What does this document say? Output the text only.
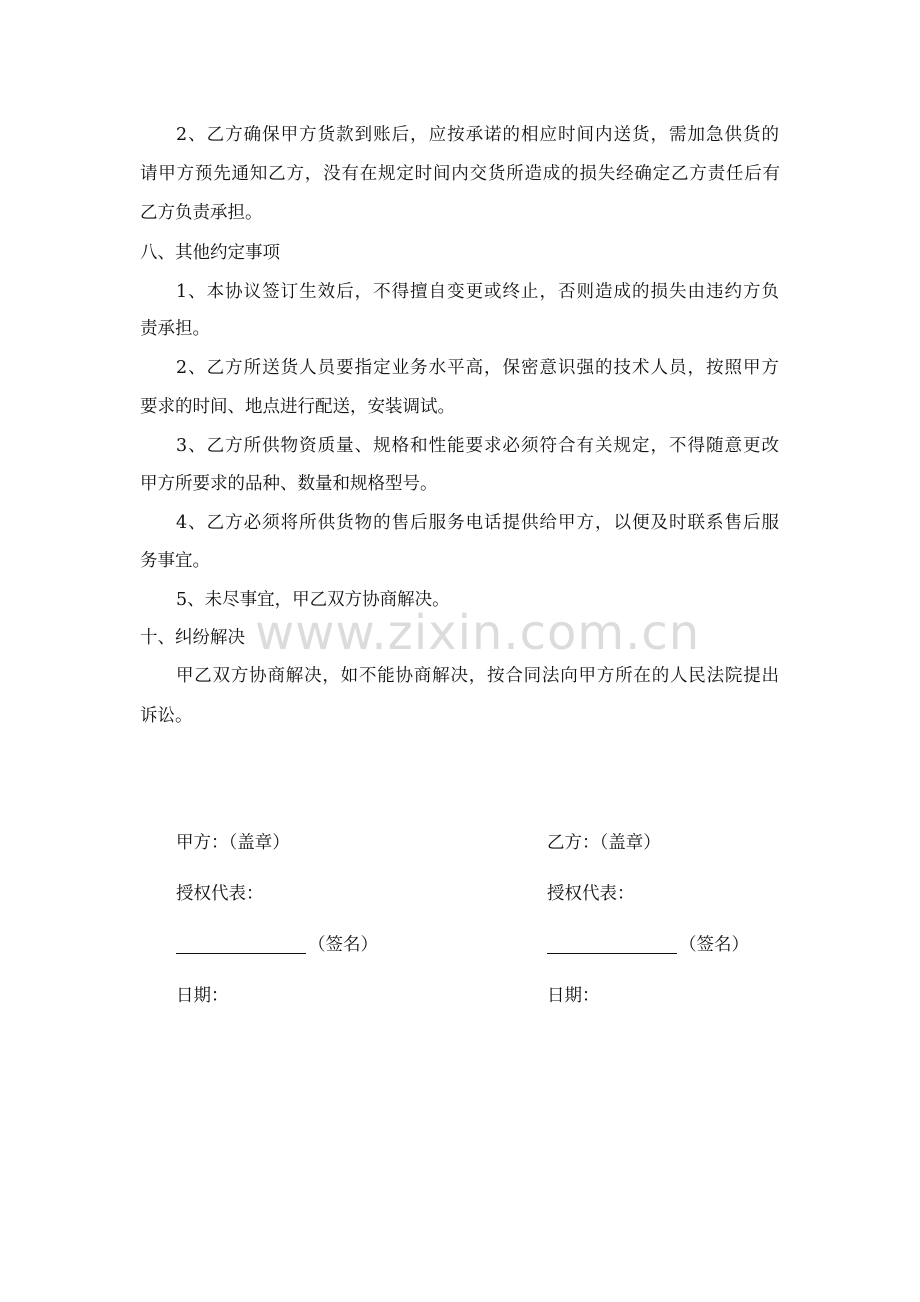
2、乙方确保甲方货款到账后，应按承诺的相应时间内送货，需加急供货的
请甲方预先通知乙方，没有在规定时间内交货所造成的损失经确定乙方责任后有
乙方负责承担。
八、其他约定事项
1、本协议签订生效后，不得擅自变更或终止，否则造成的损失由违约方负
责承担。
2、乙方所送货人员要指定业务水平高，保密意识强的技术人员，按照甲方
要求的时间、地点进行配送，安装调试。
3、乙方所供物资质量、规格和性能要求必须符合有关规定，不得随意更改
甲方所要求的品种、数量和规格型号。
4、乙方必须将所供货物的售后服务电话提供给甲方，以便及时联系售后服
务事宜。
5、未尽事宜，甲乙双方协商解决。
www.zixin.com.cn
十、纠纷解决
甲乙双方协商解决，如不能协商解决，按合同法向甲方所在的人民法院提出
诉讼。
甲方：（盖章）
授权代表：
（签名）
日期：
乙方：（盖章）
授权代表：
（签名）
日期：
